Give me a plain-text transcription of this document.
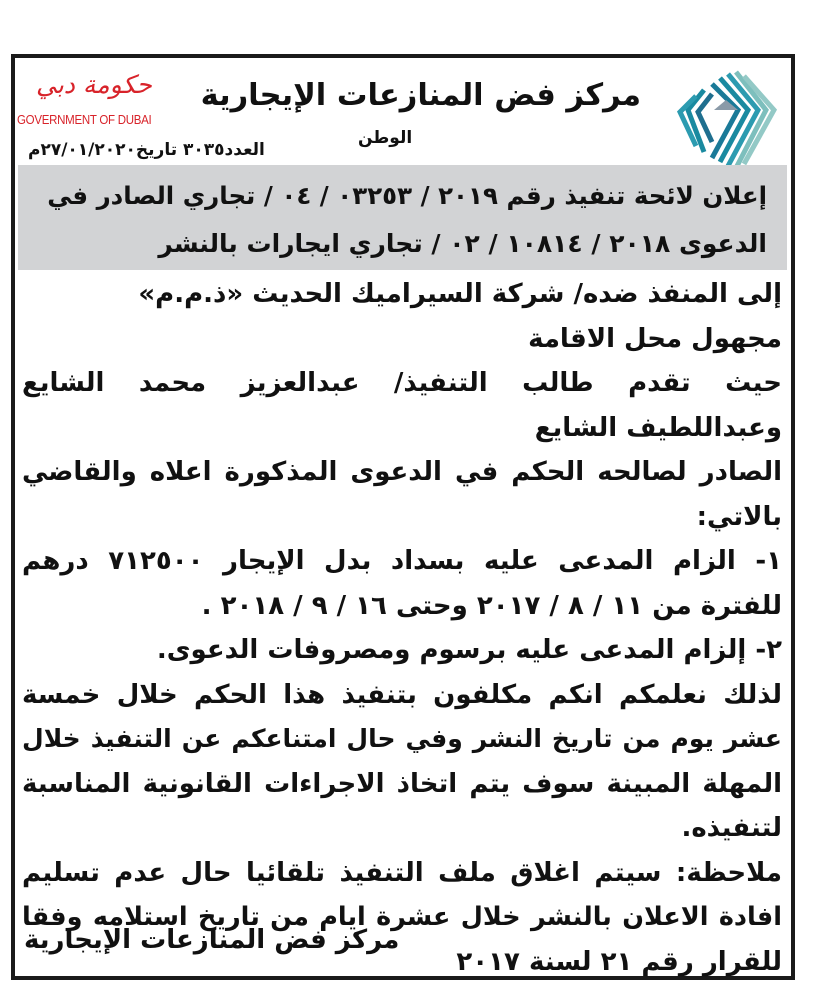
مركز فض المنازعات الإيجارية
الوطن
حكومة دبي
GOVERNMENT OF DUBAI
العدد٣٠٣٥ تاريخ٢٧/٠١/٢٠٢٠م
إعلان لائحة تنفيذ رقم ٢٠١٩ / ٠٣٢٥٣ / ٠٤ / تجاري الصادر في
الدعوى ٢٠١٨ / ١٠٨١٤ / ٠٢ / تجاري ايجارات بالنشر
إلى المنفذ ضده/ شركة السيراميك الحديث «ذ.م.م»
مجهول محل الاقامة
حيث تقدم طالب التنفيذ/ عبدالعزيز محمد الشايع
وعبداللطيف الشايع
الصادر لصالحه الحكم في الدعوى المذكورة اعلاه والقاضي
بالاتي:
١- الزام المدعى عليه بسداد بدل الإيجار ٧١٢٥٠٠ درهم
للفترة من ١١ / ٨ / ٢٠١٧ وحتى ١٦ / ٩ / ٢٠١٨ .
٢- إلزام المدعى عليه برسوم ومصروفات الدعوى.
لذلك نعلمكم انكم مكلفون بتنفيذ هذا الحكم خلال خمسة
عشر يوم من تاريخ النشر وفي حال امتناعكم عن التنفيذ خلال
المهلة المبينة سوف يتم اتخاذ الاجراءات القانونية المناسبة
لتنفيذه.
ملاحظة: سيتم اغلاق ملف التنفيذ تلقائيا حال عدم تسليم
افادة الاعلان بالنشر خلال عشرة ايام من تاريخ استلامه وفقا
للقرار رقم ٢١ لسنة ٢٠١٧
مركز فض المنازعات الإيجارية
